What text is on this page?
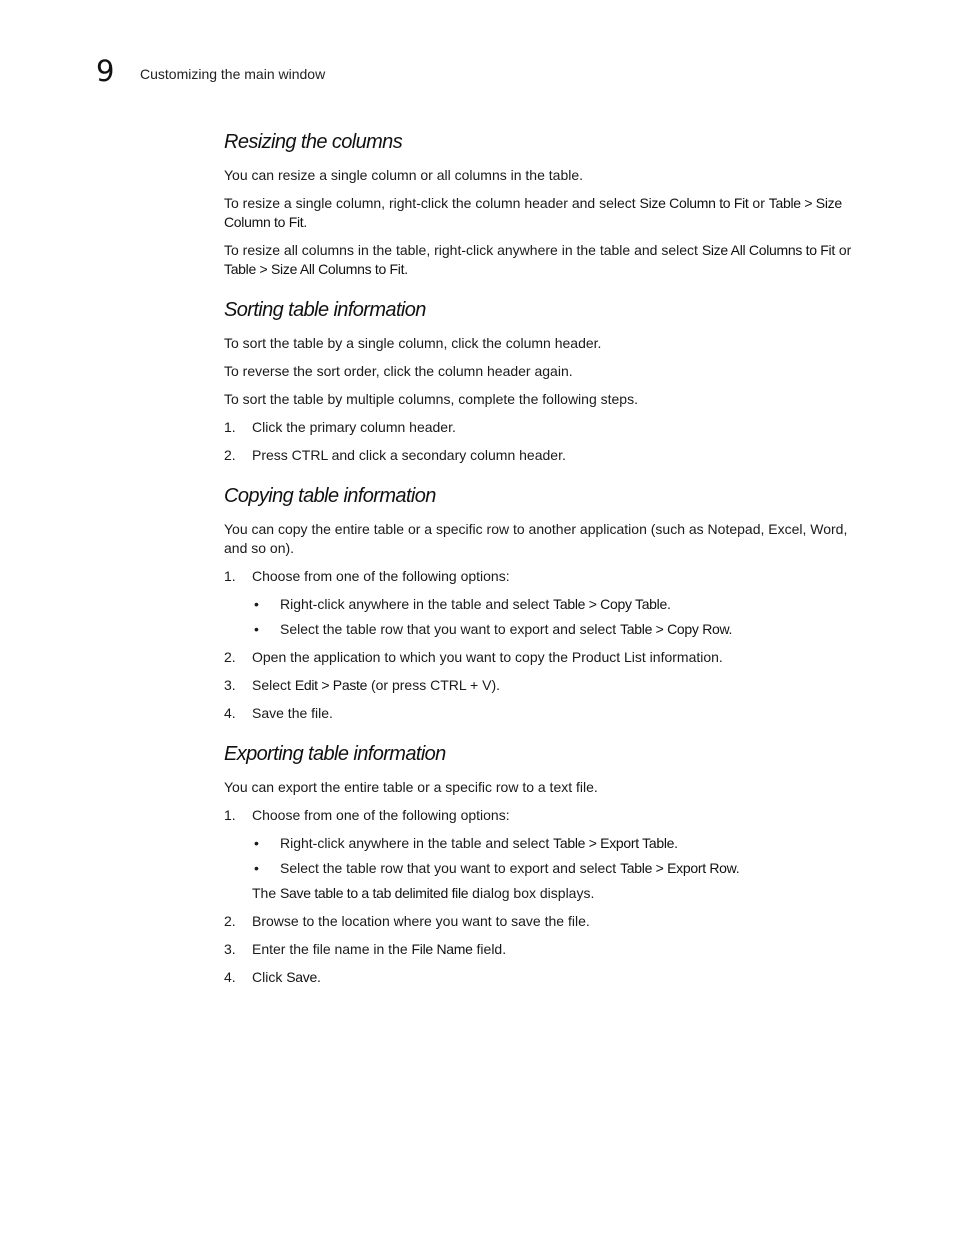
9 Customizing the main window
Resizing the columns

You can resize a single column or all columns in the table.

To resize a single column, right-click the column header and select Size Column to Fit or Table > Size Column to Fit.

To resize all columns in the table, right-click anywhere in the table and select Size All Columns to Fit or Table > Size All Columns to Fit.

Sorting table information

To sort the table by a single column, click the column header.

To reverse the sort order, click the column header again.

To sort the table by multiple columns, complete the following steps.

1. Click the primary column header.
2. Press CTRL and click a secondary column header.
Copying table information

You can copy the entire table or a specific row to another application (such as Notepad, Excel, Word, and so on).

1. Choose from one of the following options:
• Right-click anywhere in the table and select Table > Copy Table.
• Select the table row that you want to export and select Table > Copy Row.
2. Open the application to which you want to copy the Product List information.
3. Select Edit > Paste (or press CTRL + V).
4. Save the file.
Exporting table information

You can export the entire table or a specific row to a text file.

1. Choose from one of the following options:
• Right-click anywhere in the table and select Table > Export Table.
• Select the table row that you want to export and select Table > Export Row.

The Save table to a tab delimited file dialog box displays.

2. Browse to the location where you want to save the file.
3. Enter the file name in the File Name field.
4. Click Save.
